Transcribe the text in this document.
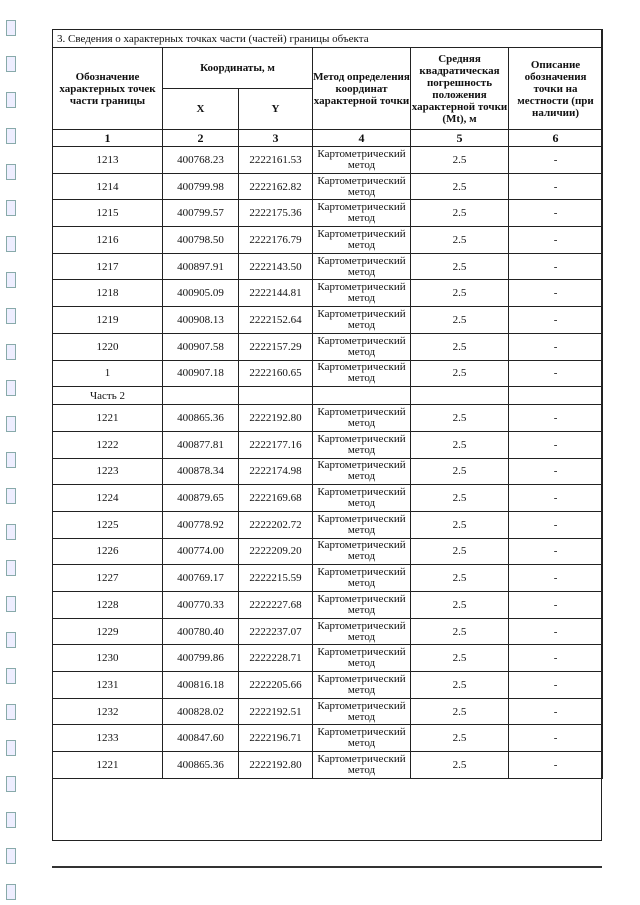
3. Сведения о характерных точках части (частей) границы объекта					
Обозначение характерных точек части границы	Координаты, м		Метод определения координат характерной точки	Средняя квадратическая погрешность положения характерной точки (Mt), м	Описание обозначения точки на местности (при наличии)
	X	Y			
1	2	3	4	5	6
1213	400768.23	2222161.53	Картометрический метод	2.5	-
1214	400799.98	2222162.82	Картометрический метод	2.5	-
1215	400799.57	2222175.36	Картометрический метод	2.5	-
1216	400798.50	2222176.79	Картометрический метод	2.5	-
1217	400897.91	2222143.50	Картометрический метод	2.5	-
1218	400905.09	2222144.81	Картометрический метод	2.5	-
1219	400908.13	2222152.64	Картометрический метод	2.5	-
1220	400907.58	2222157.29	Картометрический метод	2.5	-
1	400907.18	2222160.65	Картометрический метод	2.5	-
Часть 2					
1221	400865.36	2222192.80	Картометрический метод	2.5	-
1222	400877.81	2222177.16	Картометрический метод	2.5	-
1223	400878.34	2222174.98	Картометрический метод	2.5	-
1224	400879.65	2222169.68	Картометрический метод	2.5	-
1225	400778.92	2222202.72	Картометрический метод	2.5	-
1226	400774.00	2222209.20	Картометрический метод	2.5	-
1227	400769.17	2222215.59	Картометрический метод	2.5	-
1228	400770.33	2222227.68	Картометрический метод	2.5	-
1229	400780.40	2222237.07	Картометрический метод	2.5	-
1230	400799.86	2222228.71	Картометрический метод	2.5	-
1231	400816.18	2222205.66	Картометрический метод	2.5	-
1232	400828.02	2222192.51	Картометрический метод	2.5	-
1233	400847.60	2222196.71	Картометрический метод	2.5	-
1221	400865.36	2222192.80	Картометрический метод	2.5	-
